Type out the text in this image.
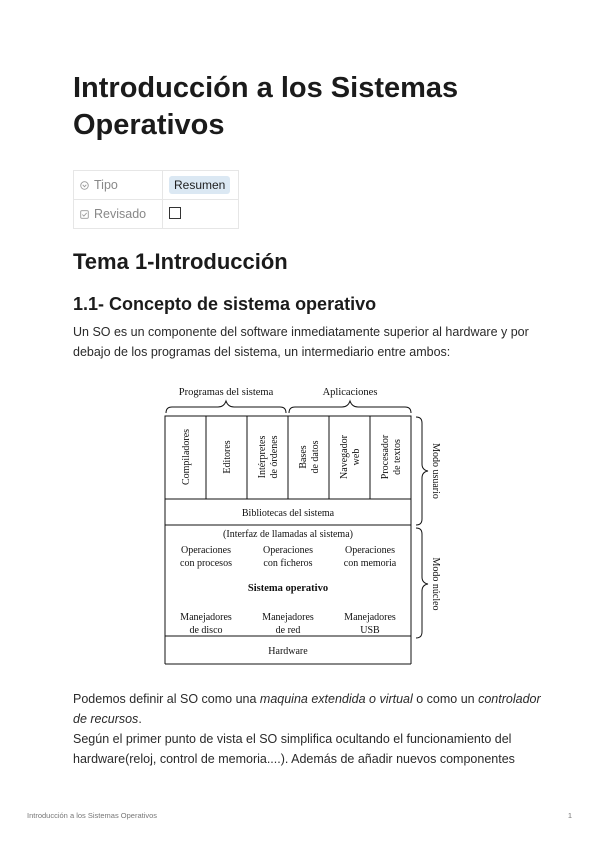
Introducción a los Sistemas Operativos
Tipo	Resumen
Revisado	
Tema 1-Introducción
1.1- Concepto de sistema operativo

Un SO es un componente del software inmediatamente superior al hardware y por debajo de los programas del sistema, un intermediario entre ambos:

Programas del sistema	Aplicaciones
Compiladores	Editores Intérpretes de órdenes Bases de datos Navegador web Procesador de textos
Bibliotecas del sistema
(Interfaz de llamadas al sistema)
Operaciones
con procesos
Operaciones
con ficheros
Operaciones
con memoria
Sistema operativo
Manejadores
de disco
Manejadores
de red
Manejadores
USB
Hardware
Modo usuario
Modo núcleo

Podemos definir al SO como una maquina extendida o virtual o como un controlador de recursos.
Según el primer punto de vista el SO simplifica ocultando el funcionamiento del hardware(reloj, control de memoria....). Además de añadir nuevos componentes

Introducción a los Sistemas Operativos	1
